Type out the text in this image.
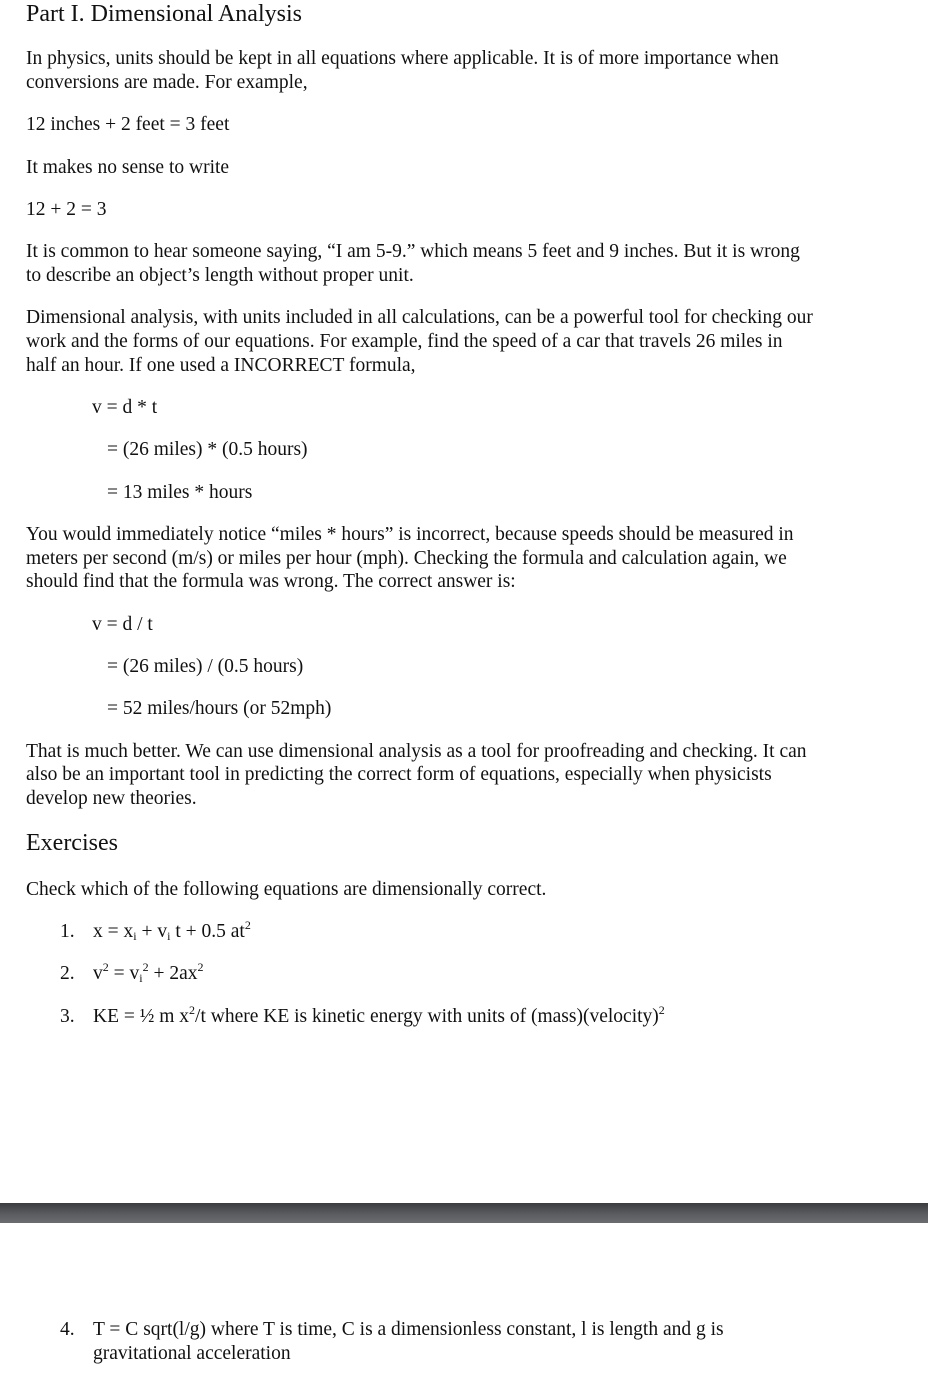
Part I. Dimensional Analysis

In physics, units should be kept in all equations where applicable. It is of more importance when

conversions are made. For example,

12 inches + 2 feet = 3 feet

It makes no sense to write

12 + 2 = 3

It is common to hear someone saying, “I am 5-9.” which means 5 feet and 9 inches. But it is wrong

to describe an object’s length without proper unit.

Dimensional analysis, with units included in all calculations, can be a powerful tool for checking our

work and the forms of our equations. For example, find the speed of a car that travels 26 miles in

half an hour. If one used a INCORRECT formula,

v = d * t

= (26 miles) * (0.5 hours)

= 13 miles * hours

You would immediately notice “miles * hours” is incorrect, because speeds should be measured in

meters per second (m/s) or miles per hour (mph). Checking the formula and calculation again, we

should find that the formula was wrong. The correct answer is:

v = d / t

= (26 miles) / (0.5 hours)

= 52 miles/hours (or 52mph)

That is much better. We can use dimensional analysis as a tool for proofreading and checking. It can

also be an important tool in predicting the correct form of equations, especially when physicists

develop new theories.

Exercises

Check which of the following equations are dimensionally correct.

1. $x = x_i + v_i$ t + 0.5 $at^2$

2. $v^2 = v_i^2 + 2ax^2$

3. KE = ½ m $x^2/t$ where KE is kinetic energy with units of (mass)(velocity)$^2$

4. T = C sqrt(l/g) where T is time, C is a dimensionless constant, l is length and g is

gravitational acceleration
